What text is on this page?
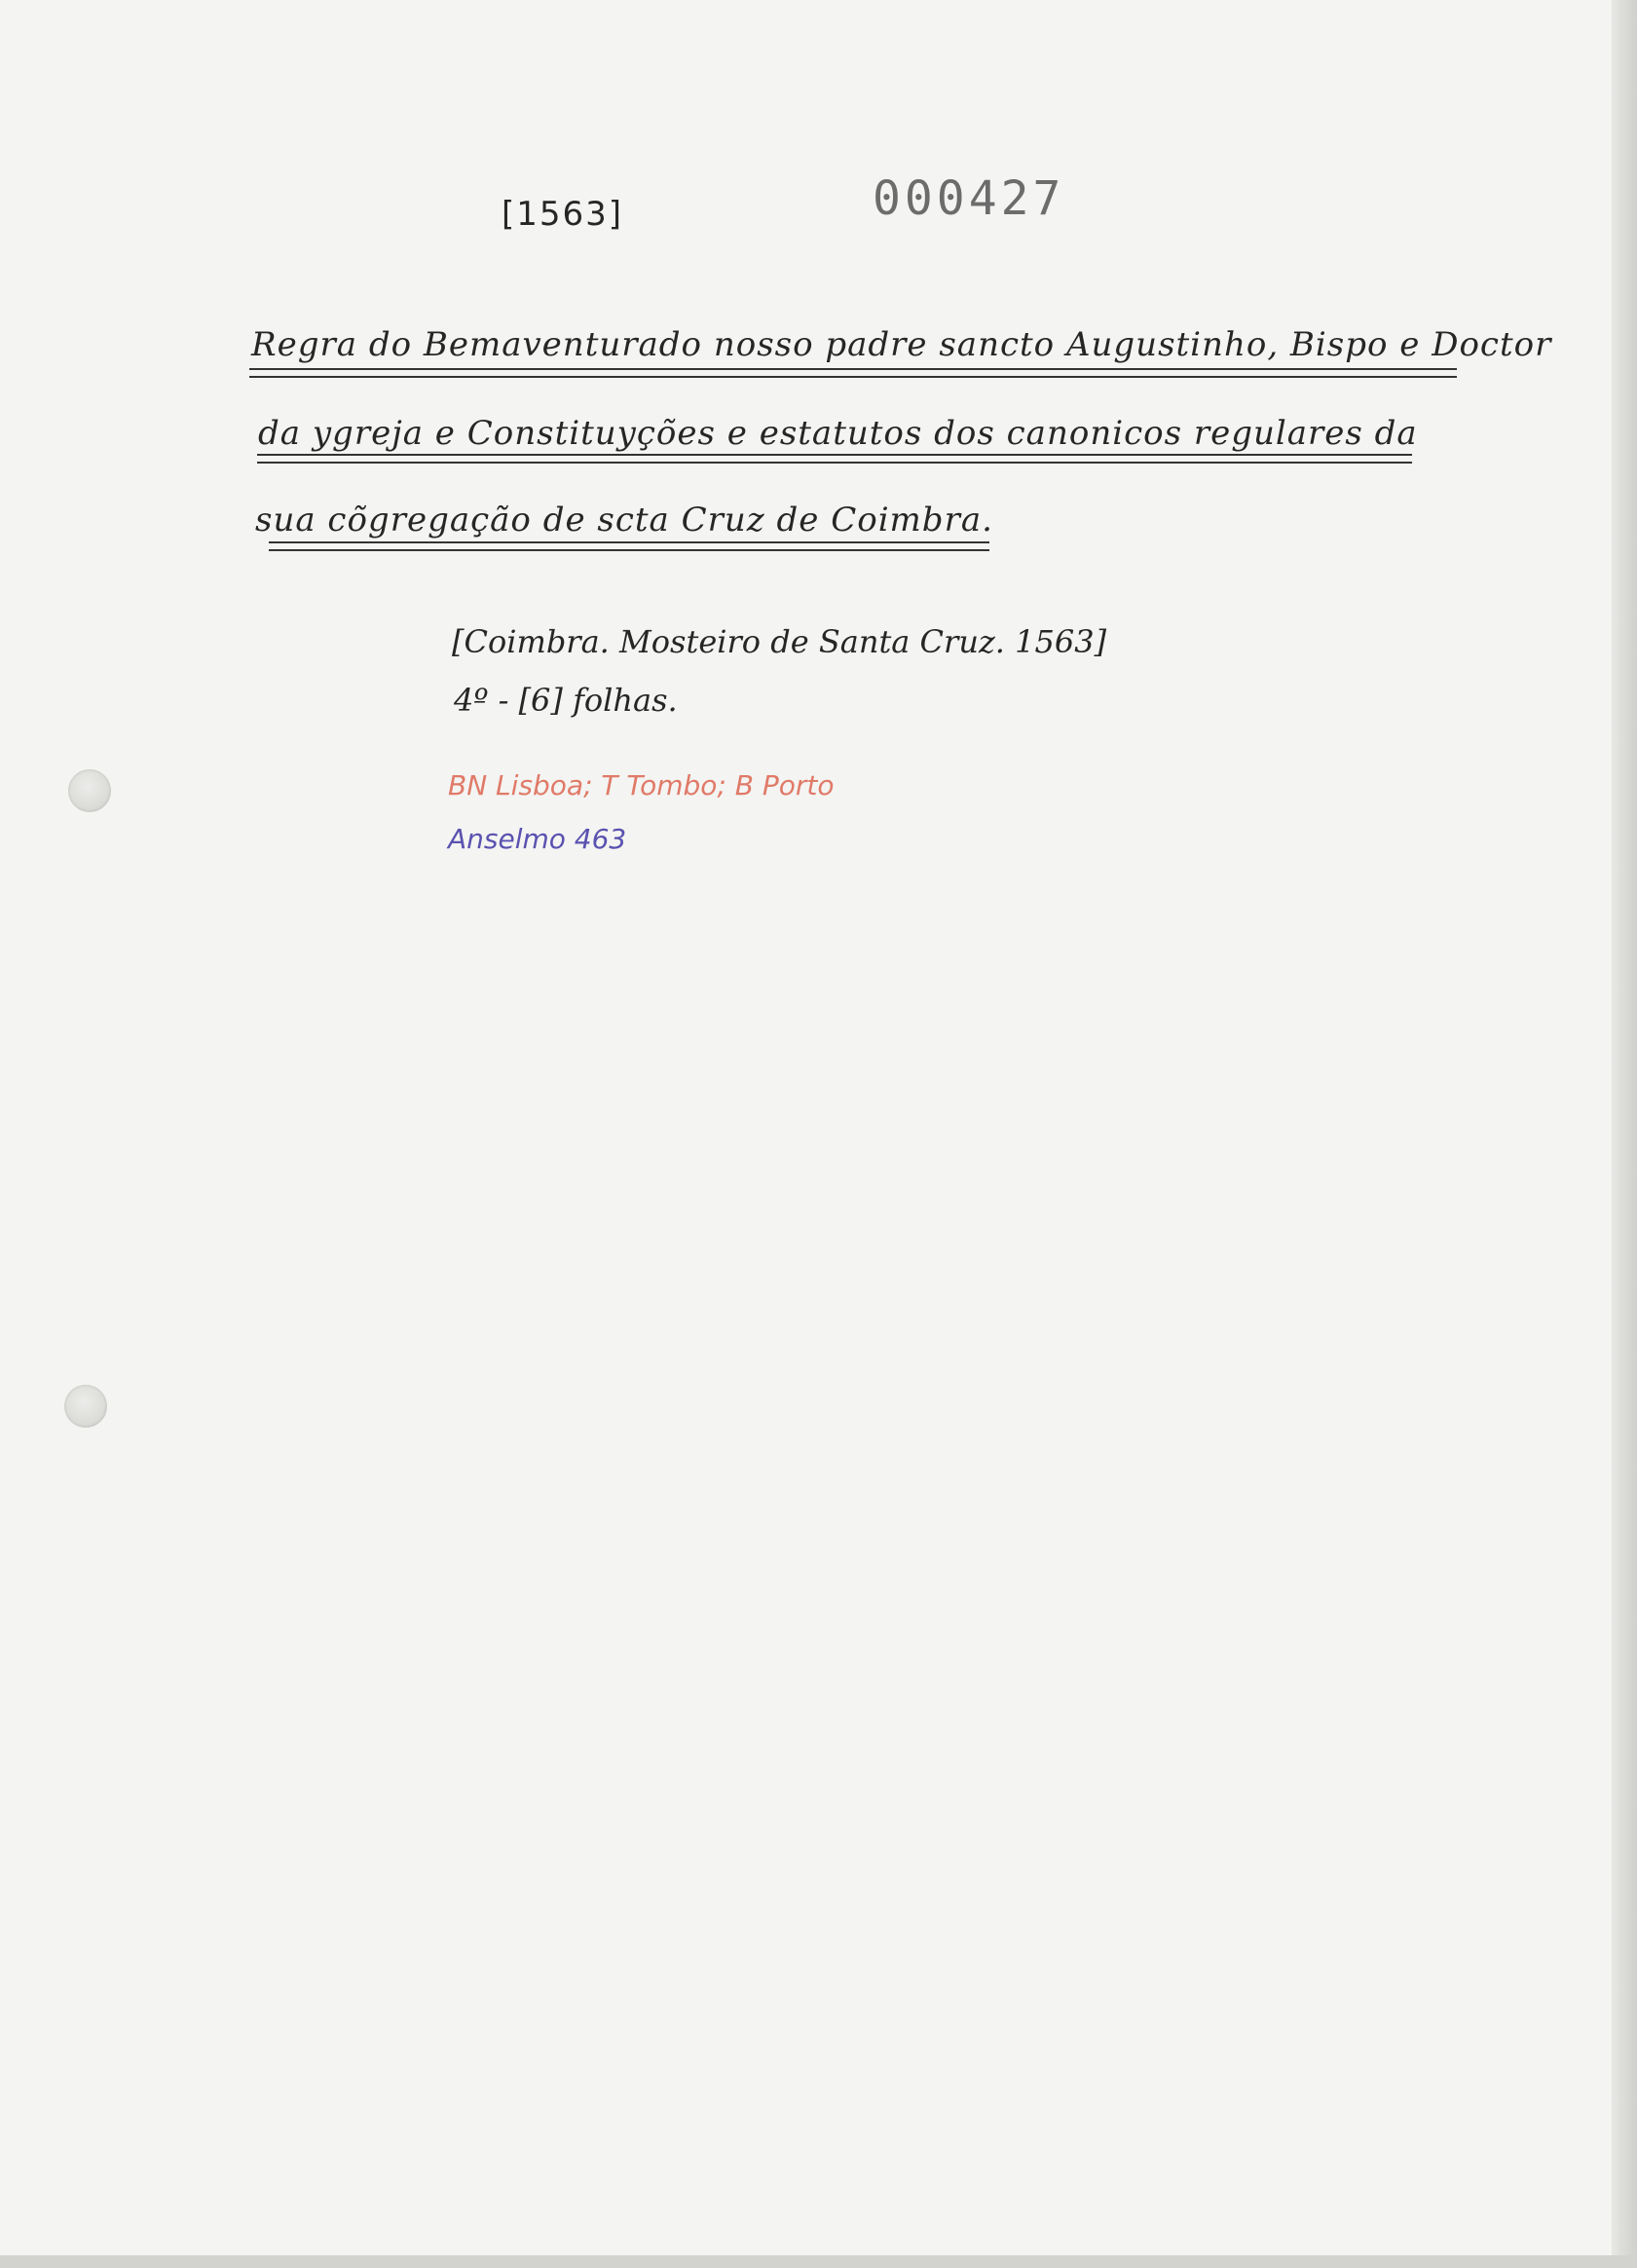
[1563]	000427
Regra do Bemaventurado nosso padre sancto Augustinho, Bispo e Doctor
da ygreja e Constituyções e estatutos dos canonicos regulares da
sua cõgregação de scta Cruz de Coimbra.
[Coimbra. Mosteiro de Santa Cruz. 1563]
4º - [6] folhas.
BN Lisboa; T Tombo; B Porto
Anselmo 463
